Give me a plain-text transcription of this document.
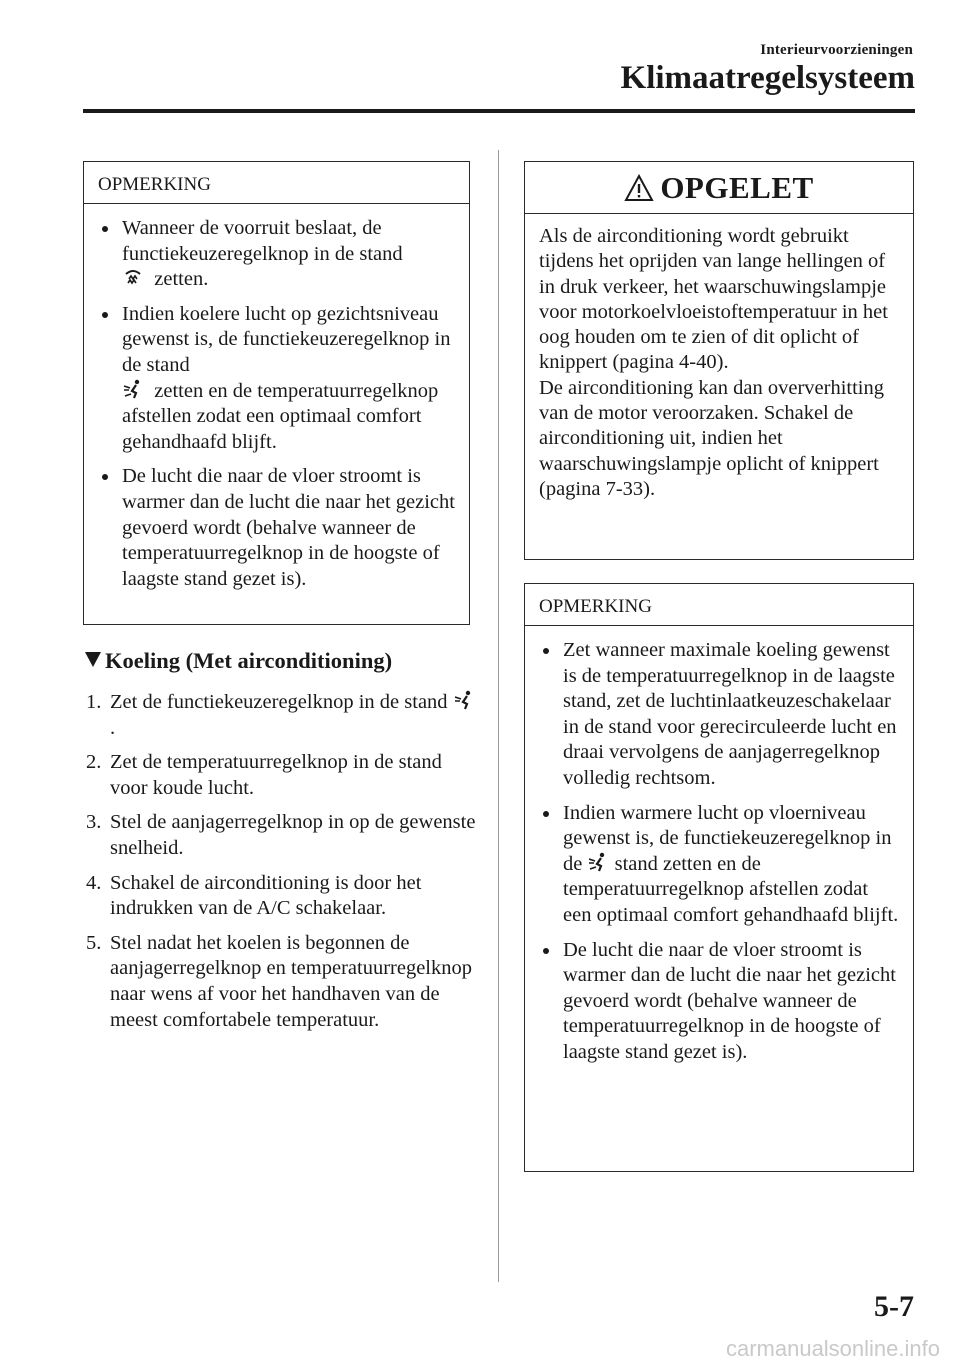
Interieurvoorzieningen
Klimaatregelsysteem
OPMERKING
Wanneer de voorruit beslaat, de functiekeuzeregelknop in de stand

zetten.
Indien koelere lucht op gezichtsniveau gewenst is, de functiekeuzeregelknop in de stand

zetten en de temperatuurregelknop afstellen zodat een optimaal comfort gehandhaafd blijft.
De lucht die naar de vloer stroomt is warmer dan de lucht die naar het gezicht gevoerd wordt (behalve wanneer de temperatuurregelknop in de hoogste of laagste stand gezet is).
Koeling (Met airconditioning)
1. Zet de functiekeuzeregelknop in de stand
.
2. Zet de temperatuurregelknop in de stand voor koude lucht.
3. Stel de aanjagerregelknop in op de gewenste snelheid.
4. Schakel de airconditioning is door het indrukken van de A/C schakelaar.
5. Stel nadat het koelen is begonnen de aanjagerregelknop en temperatuurregelknop naar wens af voor het handhaven van de meest comfortabele temperatuur.
OPGELET
Als de airconditioning wordt gebruikt tijdens het oprijden van lange hellingen of in druk verkeer, het waarschuwingslampje voor motorkoelvloeistoftemperatuur in het oog houden om te zien of dit oplicht of knippert (pagina 4-40).
De airconditioning kan dan oververhitting van de motor veroorzaken. Schakel de airconditioning uit, indien het waarschuwingslampje oplicht of knippert (pagina 7-33).
OPMERKING
Zet wanneer maximale koeling gewenst is de temperatuurregelknop in de laagste stand, zet de luchtinlaatkeuzeschakelaar in de stand voor gerecirculeerde lucht en draai vervolgens de aanjagerregelknop volledig rechtsom.
Indien warmere lucht op vloerniveau gewenst is, de functiekeuzeregelknop in de stand zetten en de temperatuurregelknop afstellen zodat een optimaal comfort gehandhaafd blijft.
De lucht die naar de vloer stroomt is warmer dan de lucht die naar het gezicht gevoerd wordt (behalve wanneer de temperatuurregelknop in de hoogste of laagste stand gezet is).
5-7
carmanualsonline.info
